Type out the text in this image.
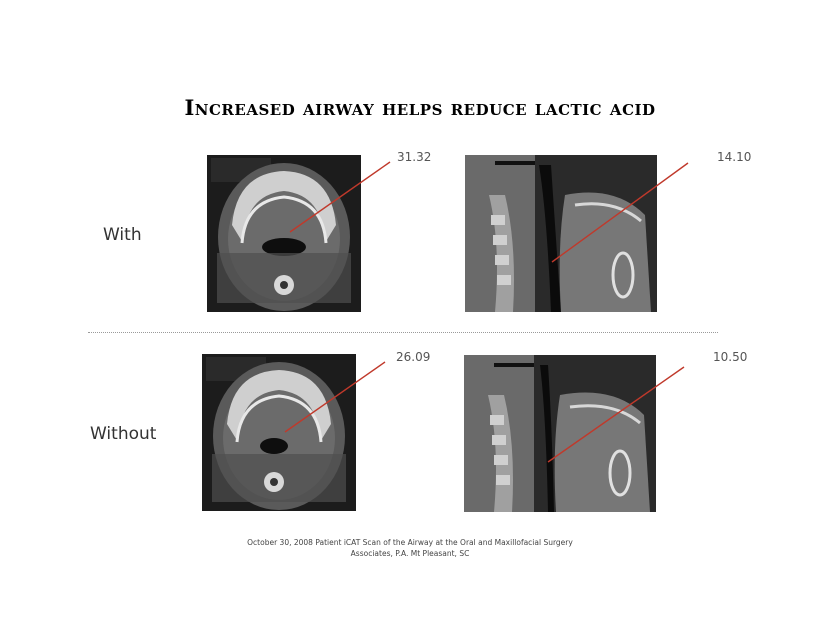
Increased airway helps reduce lactic acid
With
Without
31.32	14.10
26.09	10.50
October 30, 2008 Patient iCAT Scan of the Airway at the Oral and Maxillofacial Surgery
Associates, P.A. Mt Pleasant, SC
